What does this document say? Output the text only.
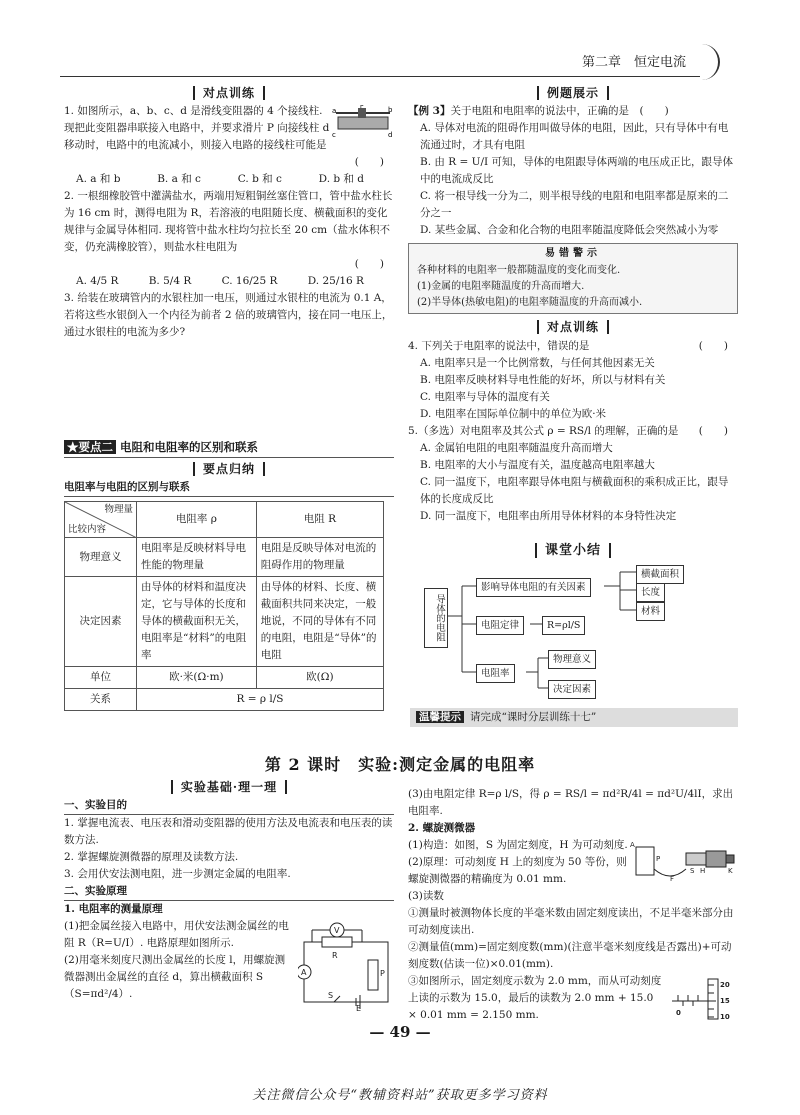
第二章　恒定电流
对点训练
a	b
c	d
P

1. 如图所示，a、b、c、d 是滑线变阻器的 4 个接线柱. 现把此变阻器串联接入电路中，并要求滑片 P 向接线柱 d 移动时，电路中的电流减小，则接入电路的接线柱可能是

(　　)

A. a 和 b	B. a 和 c	C. b 和 c	D. b 和 d

2. 一根细橡胶管中灌满盐水，两端用短粗铜丝塞住管口，管中盐水柱长为 16 cm 时，测得电阻为 R，若溶液的电阻随长度、横截面积的变化规律与金属导体相同. 现将管中盐水柱均匀拉长至 20 cm（盐水体积不变，仍充满橡胶管），则盐水柱电阻为

(　　)

A. 4/5 R	B. 5/4 R	C. 16/25 R	D. 25/16 R

3. 给装在玻璃管内的水银柱加一电压，则通过水银柱的电流为 0.1 A，若将这些水银倒入一个内径为前者 2 倍的玻璃管内，接在同一电压上，通过水银柱的电流为多少?

★要点二 电阻和电阻率的区别和联系
要点归纳
电阻率与电阻的区别与联系
物理量
比较内容	电阻率 ρ	电阻 R
物理意义	电阻率是反映材料导电性能的物理量	电阻是反映导体对电流的阻碍作用的物理量
决定因素	由导体的材料和温度决定，它与导体的长度和导体的横截面积无关，电阻率是“材料”的电阻率	由导体的材料、长度、横截面积共同来决定，一般地说，不同的导体有不同的电阻，电阻是“导体”的电阻
单位	欧·米(Ω·m)	欧(Ω)
关系	R = ρ l/S	
例题展示

【例 3】关于电阻和电阻率的说法中，正确的是　 (　　)

A. 导体对电流的阻碍作用叫做导体的电阻，因此，只有导体中有电流通过时，才具有电阻

B. 由 R = U/I 可知，导体的电阻跟导体两端的电压成正比，跟导体中的电流成反比

C. 将一根导线一分为二，则半根导线的电阻和电阻率都是原来的二分之一

D. 某些金属、合金和化合物的电阻率随温度降低会突然减小为零

易错警示

各种材料的电阻率一般都随温度的变化而变化.

(1)金属的电阻率随温度的升高而增大.

(2)半导体(热敏电阻)的电阻率随温度的升高而减小.

对点训练

4. 下列关于电阻率的说法中，错误的是	(　　)

A. 电阻率只是一个比例常数，与任何其他因素无关

B. 电阻率反映材料导电性能的好坏，所以与材料有关

C. 电阻率与导体的温度有关

D. 电阻率在国际单位制中的单位为欧·米

5.（多选）对电阻率及其公式 ρ = RS/l 的理解，正确的是 (　　)

A. 金属铂电阻的电阻率随温度升高而增大

B. 电阻率的大小与温度有关，温度越高电阻率越大

C. 同一温度下，电阻率跟导体电阻与横截面积的乘积成正比，跟导体的长度成反比

D. 同一温度下，电阻率由所用导体材料的本身特性决定

课堂小结
导体的电阻
影响导体电阻的有关因素
横截面积
长度
材料
电阻定律	R=ρl/S
电阻率
物理意义
决定因素
温馨提示 请完成“课时分层训练十七”
第 2 课时　实验:测定金属的电阻率
实验基础·理一理

一、实验目的

1. 掌握电流表、电压表和滑动变阻器的使用方法及电流表和电压表的读数方法.

2. 掌握螺旋测微器的原理及读数方法.

3. 会用伏安法测电阻，进一步测定金属的电阻率.

二、实验原理

1. 电阻率的测量原理

V
A
R
P
S
E

(1)把金属丝接入电路中，用伏安法测金属丝的电阻 R（R=U/I）. 电路原理如图所示.

(2)用毫米刻度尺测出金属丝的长度 l，用螺旋测微器测出金属丝的直径 d，算出横截面积 S（S=πd²/4）.

(3)由电阻定律 R=ρ l/S，得 ρ = RS/l = πd²R/4l = πd²U/4lI，求出电阻率.

2. 螺旋测微器

A
P
F
S H	K

(1)构造：如图，S 为固定刻度，H 为可动刻度.

(2)原理：可动刻度 H 上的刻度为 50 等份，则螺旋测微器的精确度为 0.01 mm.

(3)读数

①测量时被测物体长度的半毫米数由固定刻度读出，不足半毫米部分由可动刻度读出.

②测量值(mm)=固定刻度数(mm)(注意半毫米刻度线是否露出)+可动刻度数(估读一位)×0.01(mm).

20
15
10
0

③如图所示，固定刻度示数为 2.0 mm，而从可动刻度上读的示数为 15.0，最后的读数为 2.0 mm + 15.0 × 0.01 mm = 2.150 mm.

— 49 —
关注微信公众号“教辅资料站”获取更多学习资料
